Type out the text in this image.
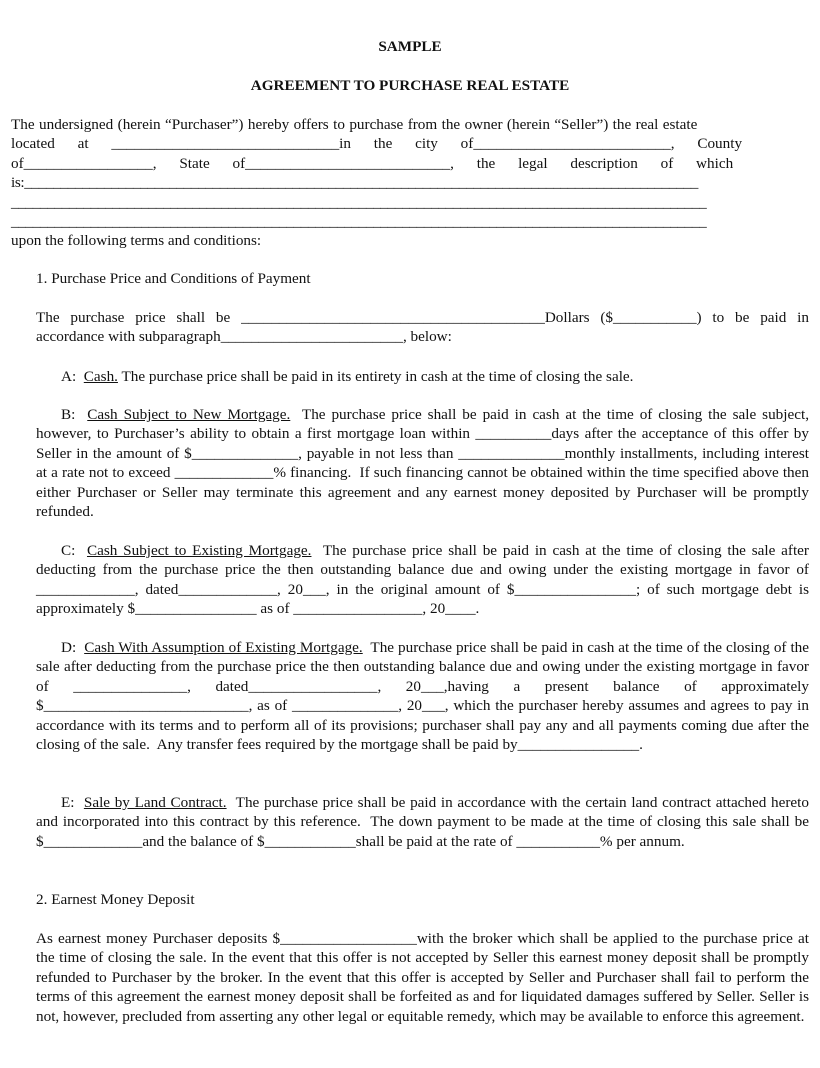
SAMPLE
AGREEMENT TO PURCHASE REAL ESTATE
The undersigned (herein “Purchaser”) hereby offers to purchase from the owner (herein “Seller”) the real estate
located      at      ______________________________in      the      city      of__________________________,      County
of_________________,      State      of___________________________,      the      legal      description      of      which
is:_____________________________________________________________________________________________
________________________________________________________________________________________________
________________________________________________________________________________________________
upon the following terms and conditions:
1. Purchase Price and Conditions of Payment

The purchase price shall be ________________________________________Dollars ($___________) to be paid in accordance with subparagraph________________________, below:

A:  Cash. The purchase price shall be paid in its entirety in cash at the time of closing the sale.

B:  Cash Subject to New Mortgage.  The purchase price shall be paid in cash at the time of closing the sale subject, however, to Purchaser’s ability to obtain a first mortgage loan within __________days after the acceptance of this offer by Seller in the amount of $______________, payable in not less than ______________monthly installments, including interest at a rate not to exceed _____________% financing.  If such financing cannot be obtained within the time specified above then either Purchaser or Seller may terminate this agreement and any earnest money deposited by Purchaser will be promptly refunded.

C:  Cash Subject to Existing Mortgage.  The purchase price shall be paid in cash at the time of closing the sale after deducting from the purchase price the then outstanding balance due and owing under the existing mortgage in favor of _____________, dated_____________, 20___, in the original amount of $________________; of such mortgage debt is approximately $________________ as of _________________, 20____.

D:  Cash With Assumption of Existing Mortgage.  The purchase price shall be paid in cash at the time of the closing of the sale after deducting from the purchase price the then outstanding balance due and owing under the existing mortgage in favor of _______________, dated_________________, 20___,having a present balance of approximately $___________________________, as of ______________, 20___, which the purchaser hereby assumes and agrees to pay in accordance with its terms and to perform all of its provisions; purchaser shall pay any and all payments coming due after the closing of the sale.  Any transfer fees required by the mortgage shall be paid by________________.

E:  Sale by Land Contract.  The purchase price shall be paid in accordance with the certain land contract attached hereto and incorporated into this contract by this reference.  The down payment to be made at the time of closing this sale shall be $_____________and the balance of $____________shall be paid at the rate of ___________% per annum.

2. Earnest Money Deposit

As earnest money Purchaser deposits $__________________with the broker which shall be applied to the purchase price at the time of closing the sale. In the event that this offer is not accepted by Seller this earnest money deposit shall be promptly refunded to Purchaser by the broker. In the event that this offer is accepted by Seller and Purchaser shall fail to perform the terms of this agreement the earnest money deposit shall be forfeited as and for liquidated damages suffered by Seller. Seller is not, however, precluded from asserting any other legal or equitable remedy, which may be available to enforce this agreement.
